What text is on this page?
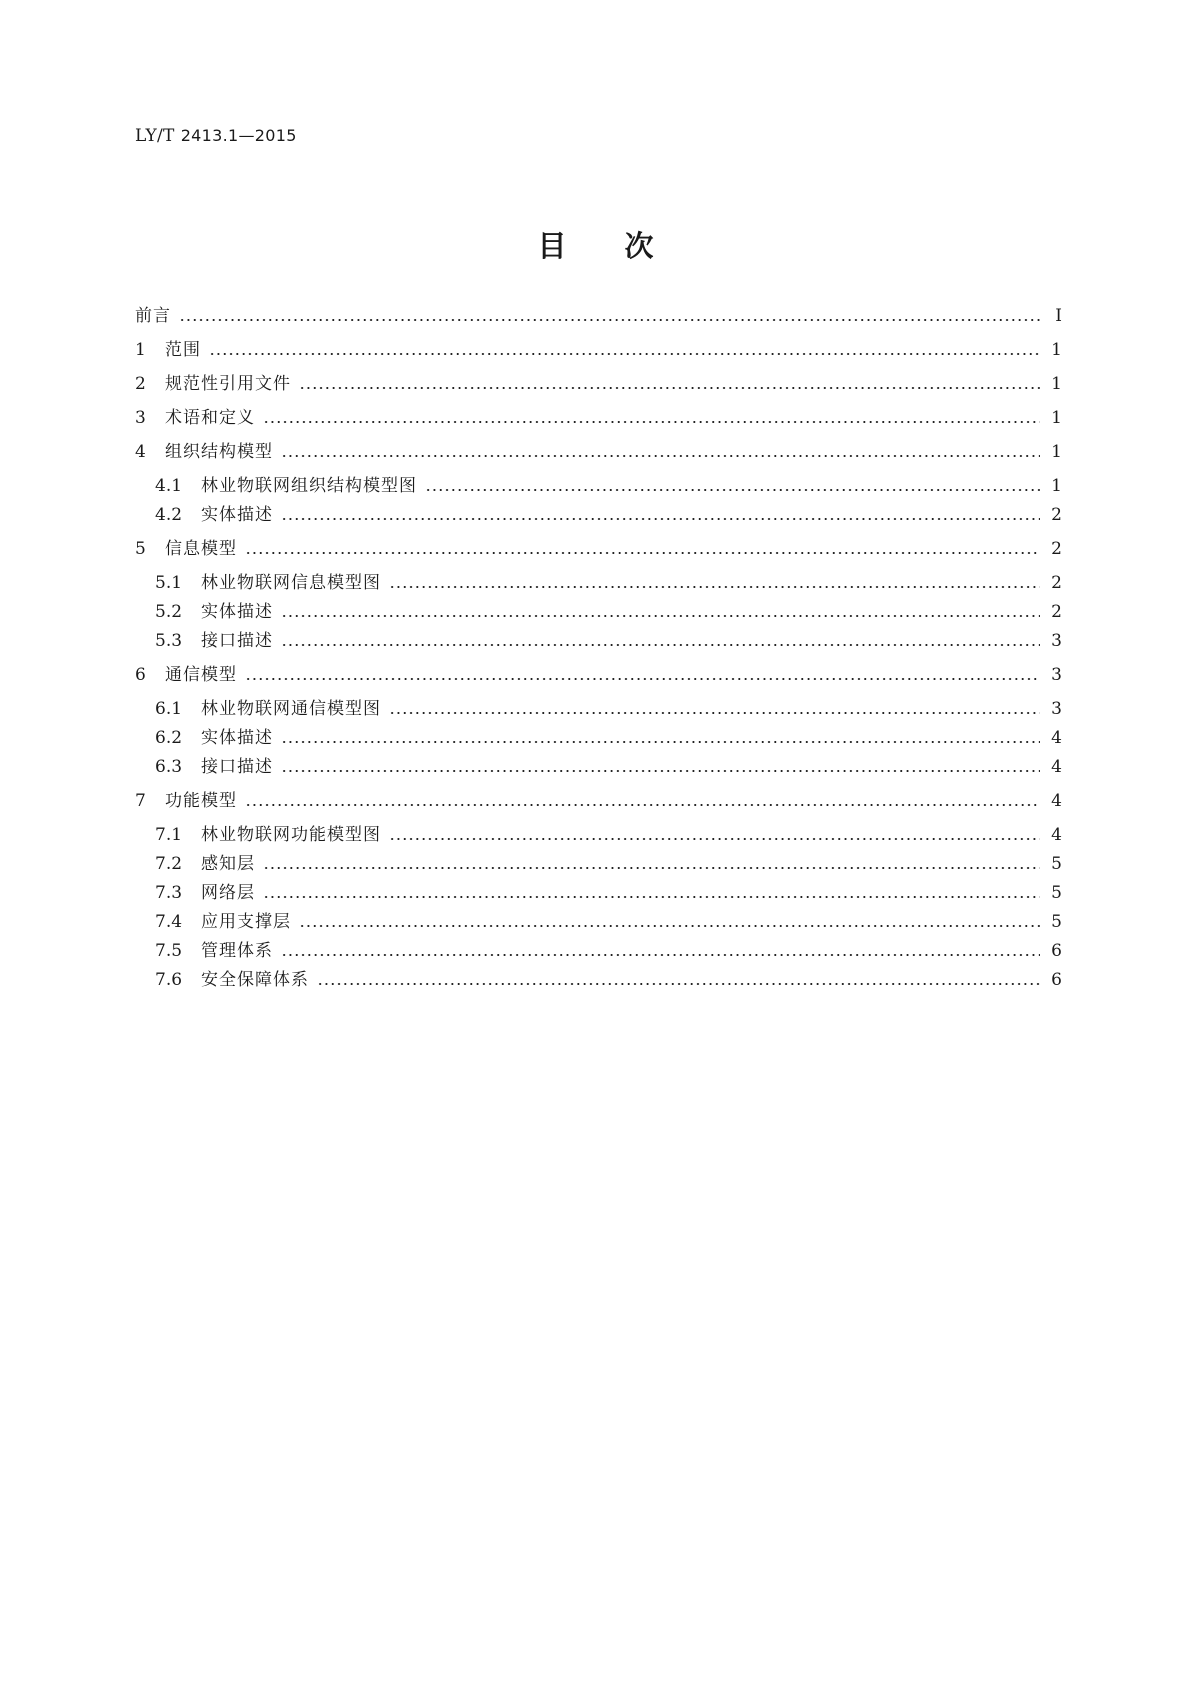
LY/T 2413.1—2015
目次
前言	Ⅰ
1	范围	1
2	规范性引用文件	1
3	术语和定义	1
4	组织结构模型	1
4.1	林业物联网组织结构模型图	1
4.2	实体描述	2
5	信息模型	2
5.1	林业物联网信息模型图	2
5.2	实体描述	2
5.3	接口描述	3
6	通信模型	3
6.1	林业物联网通信模型图	3
6.2	实体描述	4
6.3	接口描述	4
7	功能模型	4
7.1	林业物联网功能模型图	4
7.2	感知层	5
7.3	网络层	5
7.4	应用支撑层	5
7.5	管理体系	6
7.6	安全保障体系	6
